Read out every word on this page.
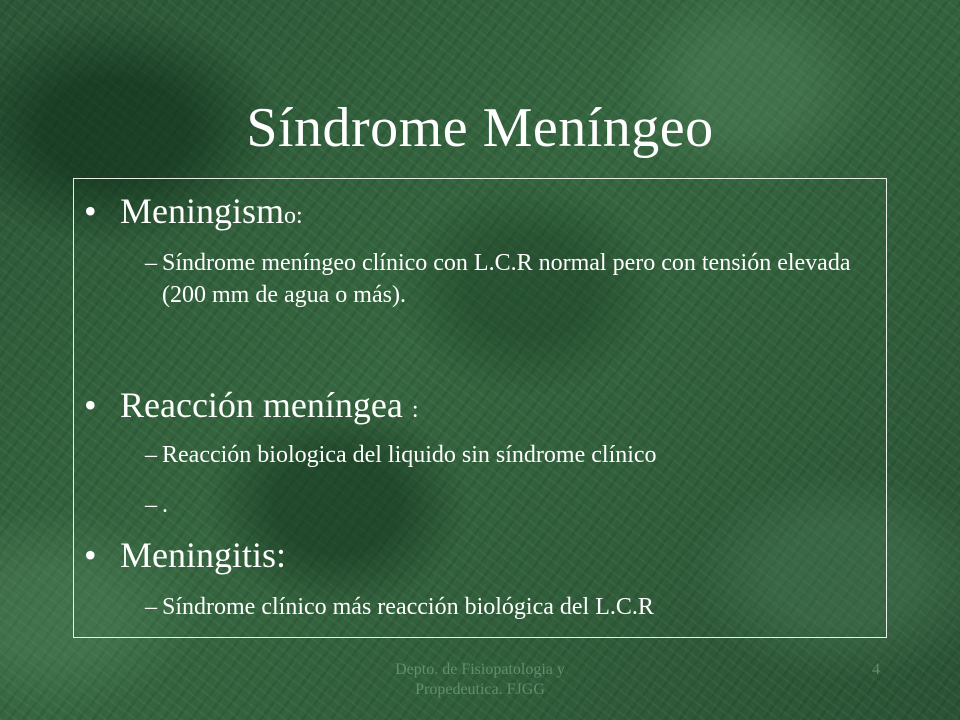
Síndrome Meníngeo
• Meningismo:
– Síndrome meníngeo clínico con L.C.R normal pero con tensión elevada (200 mm de agua o más).
• Reacción meníngea :
– Reacción biologica del liquido sin síndrome clínico
– .
• Meningitis:
– Síndrome clínico más reacción biológica del L.C.R
Depto. de Fisiopatologia y Propedeutica. FJGG
4
